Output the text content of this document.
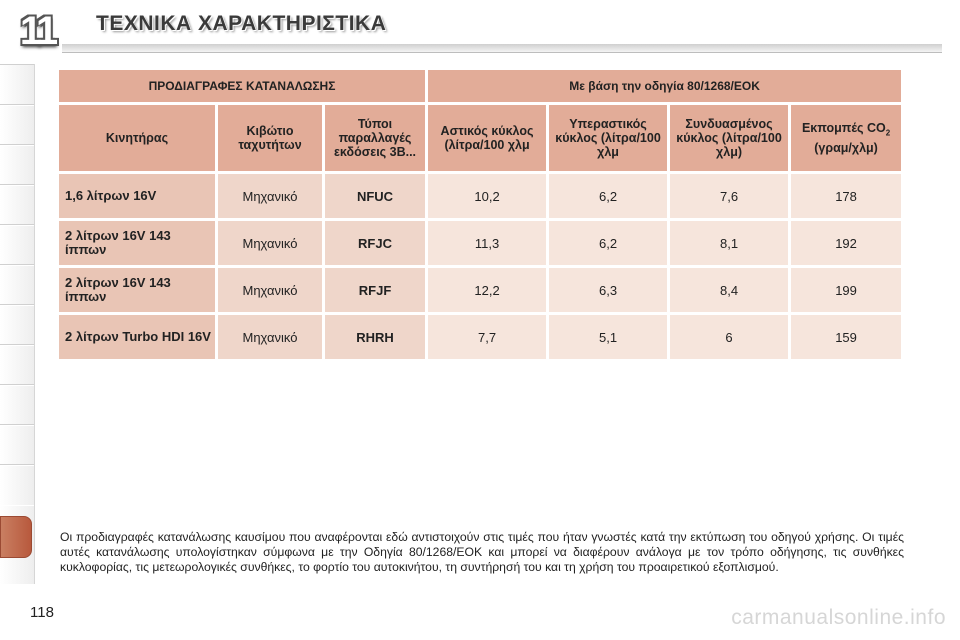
11	ΤΕΧΝΙΚΑ ΧΑΡΑΚΤΗΡΙΣΤΙΚΑ
ΠΡΟΔΙΑΓΡΑΦΕΣ ΚΑΤΑΝΑΛΩΣΗΣ			Με βάση την οδηγία 80/1268/ΕΟΚ			
Κινητήρας	Κιβώτιο ταχυτήτων	Τύποι παραλλαγές εκδόσεις 3Β...	Αστικός κύκλος (λίτρα/100 χλμ	Υπεραστικός κύκλος (λίτρα/100 χλμ	Συνδυασμένος κύκλος (λίτρα/100 χλμ)	Εκπομπές $CO_2$ (γραμ/χλμ)
1,6 λίτρων 16V	Μηχανικό	NFUC	10,2	6,2	7,6	178
2 λίτρων 16V 143 ίππων	Μηχανικό	RFJC	11,3	6,2	8,1	192
2 λίτρων 16V 143 ίππων	Μηχανικό	RFJF	12,2	6,3	8,4	199
2 λίτρων Turbo HDI 16V	Μηχανικό	RHRH	7,7	5,1	6	159
Οι προδιαγραφές κατανάλωσης καυσίμου που αναφέρονται εδώ αντιστοιχούν στις τιμές που ήταν γνωστές κατά την εκτύπωση του οδηγού χρήσης. Οι τιμές αυτές κατανάλωσης υπολογίστηκαν σύμφωνα με την Οδηγία 80/1268/ΕΟΚ και μπορεί να διαφέρουν ανάλογα με τον τρόπο οδήγησης, τις συνθήκες κυκλοφορίας, τις μετεωρολογικές συνθήκες, το φορτίο του αυτοκινήτου, τη συντήρησή του και τη χρήση του προαιρετικού εξοπλισμού.
118	carmanualsonline.info
